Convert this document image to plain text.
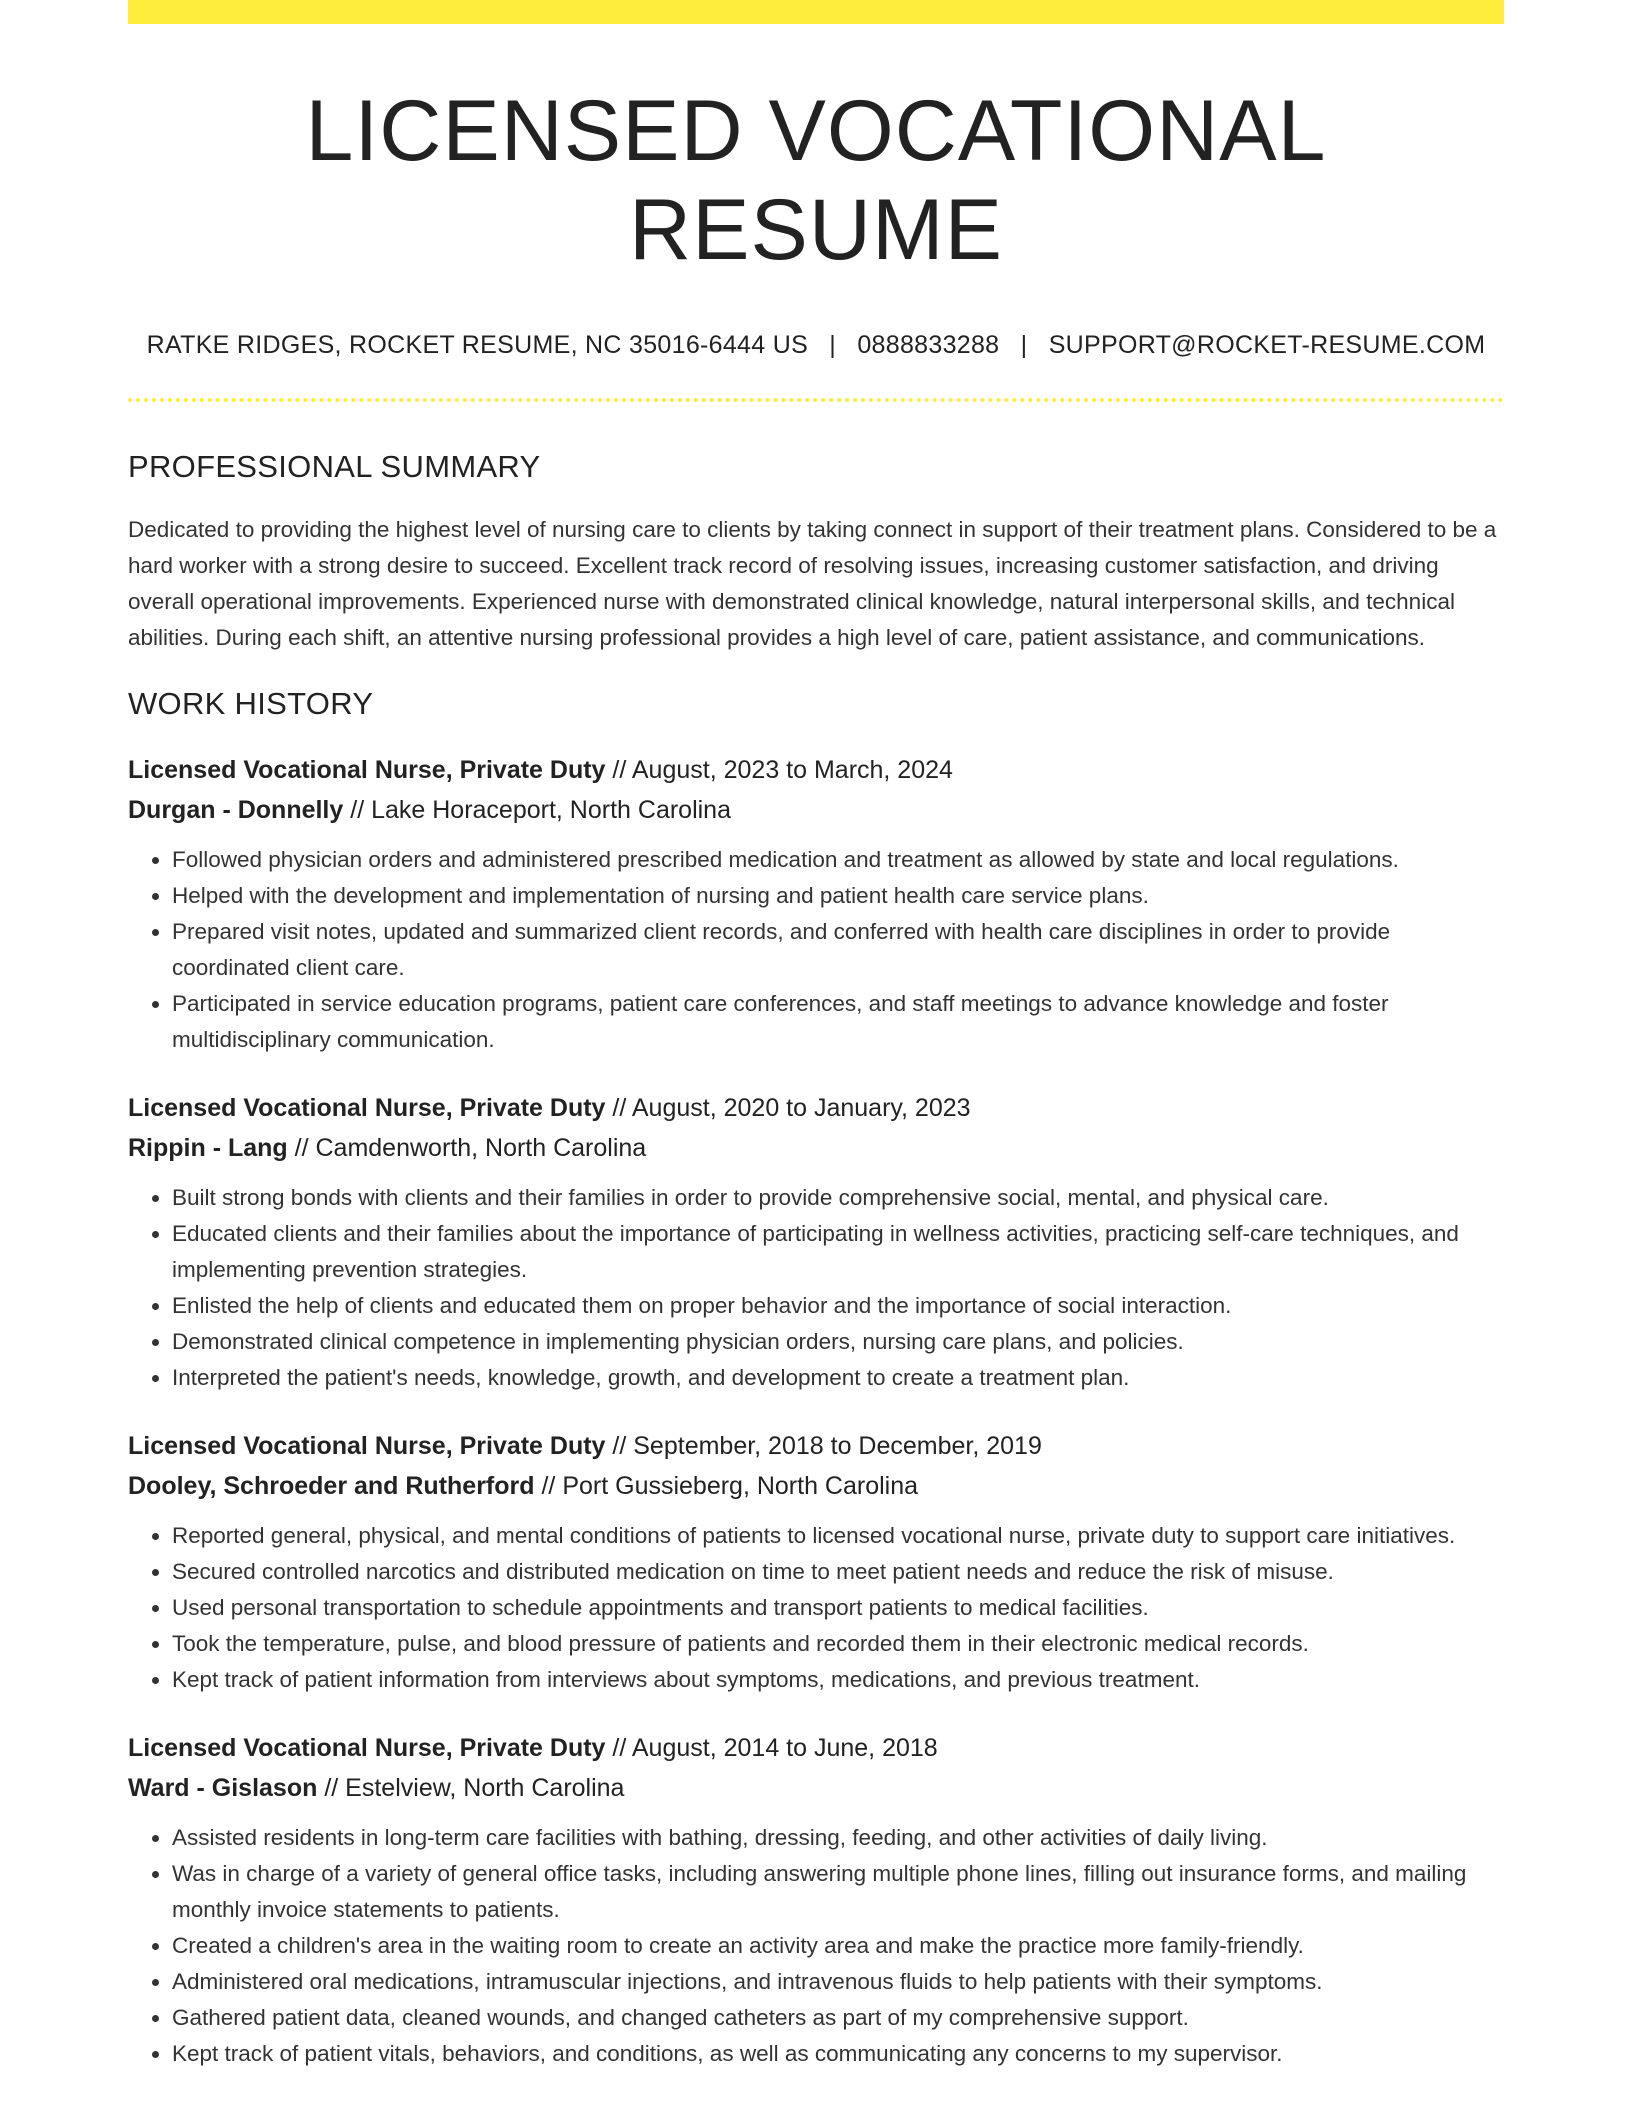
LICENSED VOCATIONAL RESUME
RATKE RIDGES, ROCKET RESUME, NC 35016-6444 US | 0888833288 | SUPPORT@ROCKET-RESUME.COM
PROFESSIONAL SUMMARY

Dedicated to providing the highest level of nursing care to clients by taking connect in support of their treatment plans. Considered to be a hard worker with a strong desire to succeed. Excellent track record of resolving issues, increasing customer satisfaction, and driving overall operational improvements. Experienced nurse with demonstrated clinical knowledge, natural interpersonal skills, and technical abilities. During each shift, an attentive nursing professional provides a high level of care, patient assistance, and communications.

WORK HISTORY
Licensed Vocational Nurse, Private Duty // August, 2023 to March, 2024
Durgan - Donnelly // Lake Horaceport, North Carolina
• Followed physician orders and administered prescribed medication and treatment as allowed by state and local regulations.
• Helped with the development and implementation of nursing and patient health care service plans.
• Prepared visit notes, updated and summarized client records, and conferred with health care disciplines in order to provide coordinated client care.
• Participated in service education programs, patient care conferences, and staff meetings to advance knowledge and foster multidisciplinary communication.
Licensed Vocational Nurse, Private Duty // August, 2020 to January, 2023
Rippin - Lang // Camdenworth, North Carolina
• Built strong bonds with clients and their families in order to provide comprehensive social, mental, and physical care.
• Educated clients and their families about the importance of participating in wellness activities, practicing self-care techniques, and implementing prevention strategies.
• Enlisted the help of clients and educated them on proper behavior and the importance of social interaction.
• Demonstrated clinical competence in implementing physician orders, nursing care plans, and policies.
• Interpreted the patient's needs, knowledge, growth, and development to create a treatment plan.
Licensed Vocational Nurse, Private Duty // September, 2018 to December, 2019
Dooley, Schroeder and Rutherford // Port Gussieberg, North Carolina
• Reported general, physical, and mental conditions of patients to licensed vocational nurse, private duty to support care initiatives.
• Secured controlled narcotics and distributed medication on time to meet patient needs and reduce the risk of misuse.
• Used personal transportation to schedule appointments and transport patients to medical facilities.
• Took the temperature, pulse, and blood pressure of patients and recorded them in their electronic medical records.
• Kept track of patient information from interviews about symptoms, medications, and previous treatment.
Licensed Vocational Nurse, Private Duty // August, 2014 to June, 2018
Ward - Gislason // Estelview, North Carolina
• Assisted residents in long-term care facilities with bathing, dressing, feeding, and other activities of daily living.
• Was in charge of a variety of general office tasks, including answering multiple phone lines, filling out insurance forms, and mailing monthly invoice statements to patients.
• Created a children's area in the waiting room to create an activity area and make the practice more family-friendly.
• Administered oral medications, intramuscular injections, and intravenous fluids to help patients with their symptoms.
• Gathered patient data, cleaned wounds, and changed catheters as part of my comprehensive support.
• Kept track of patient vitals, behaviors, and conditions, as well as communicating any concerns to my supervisor.
